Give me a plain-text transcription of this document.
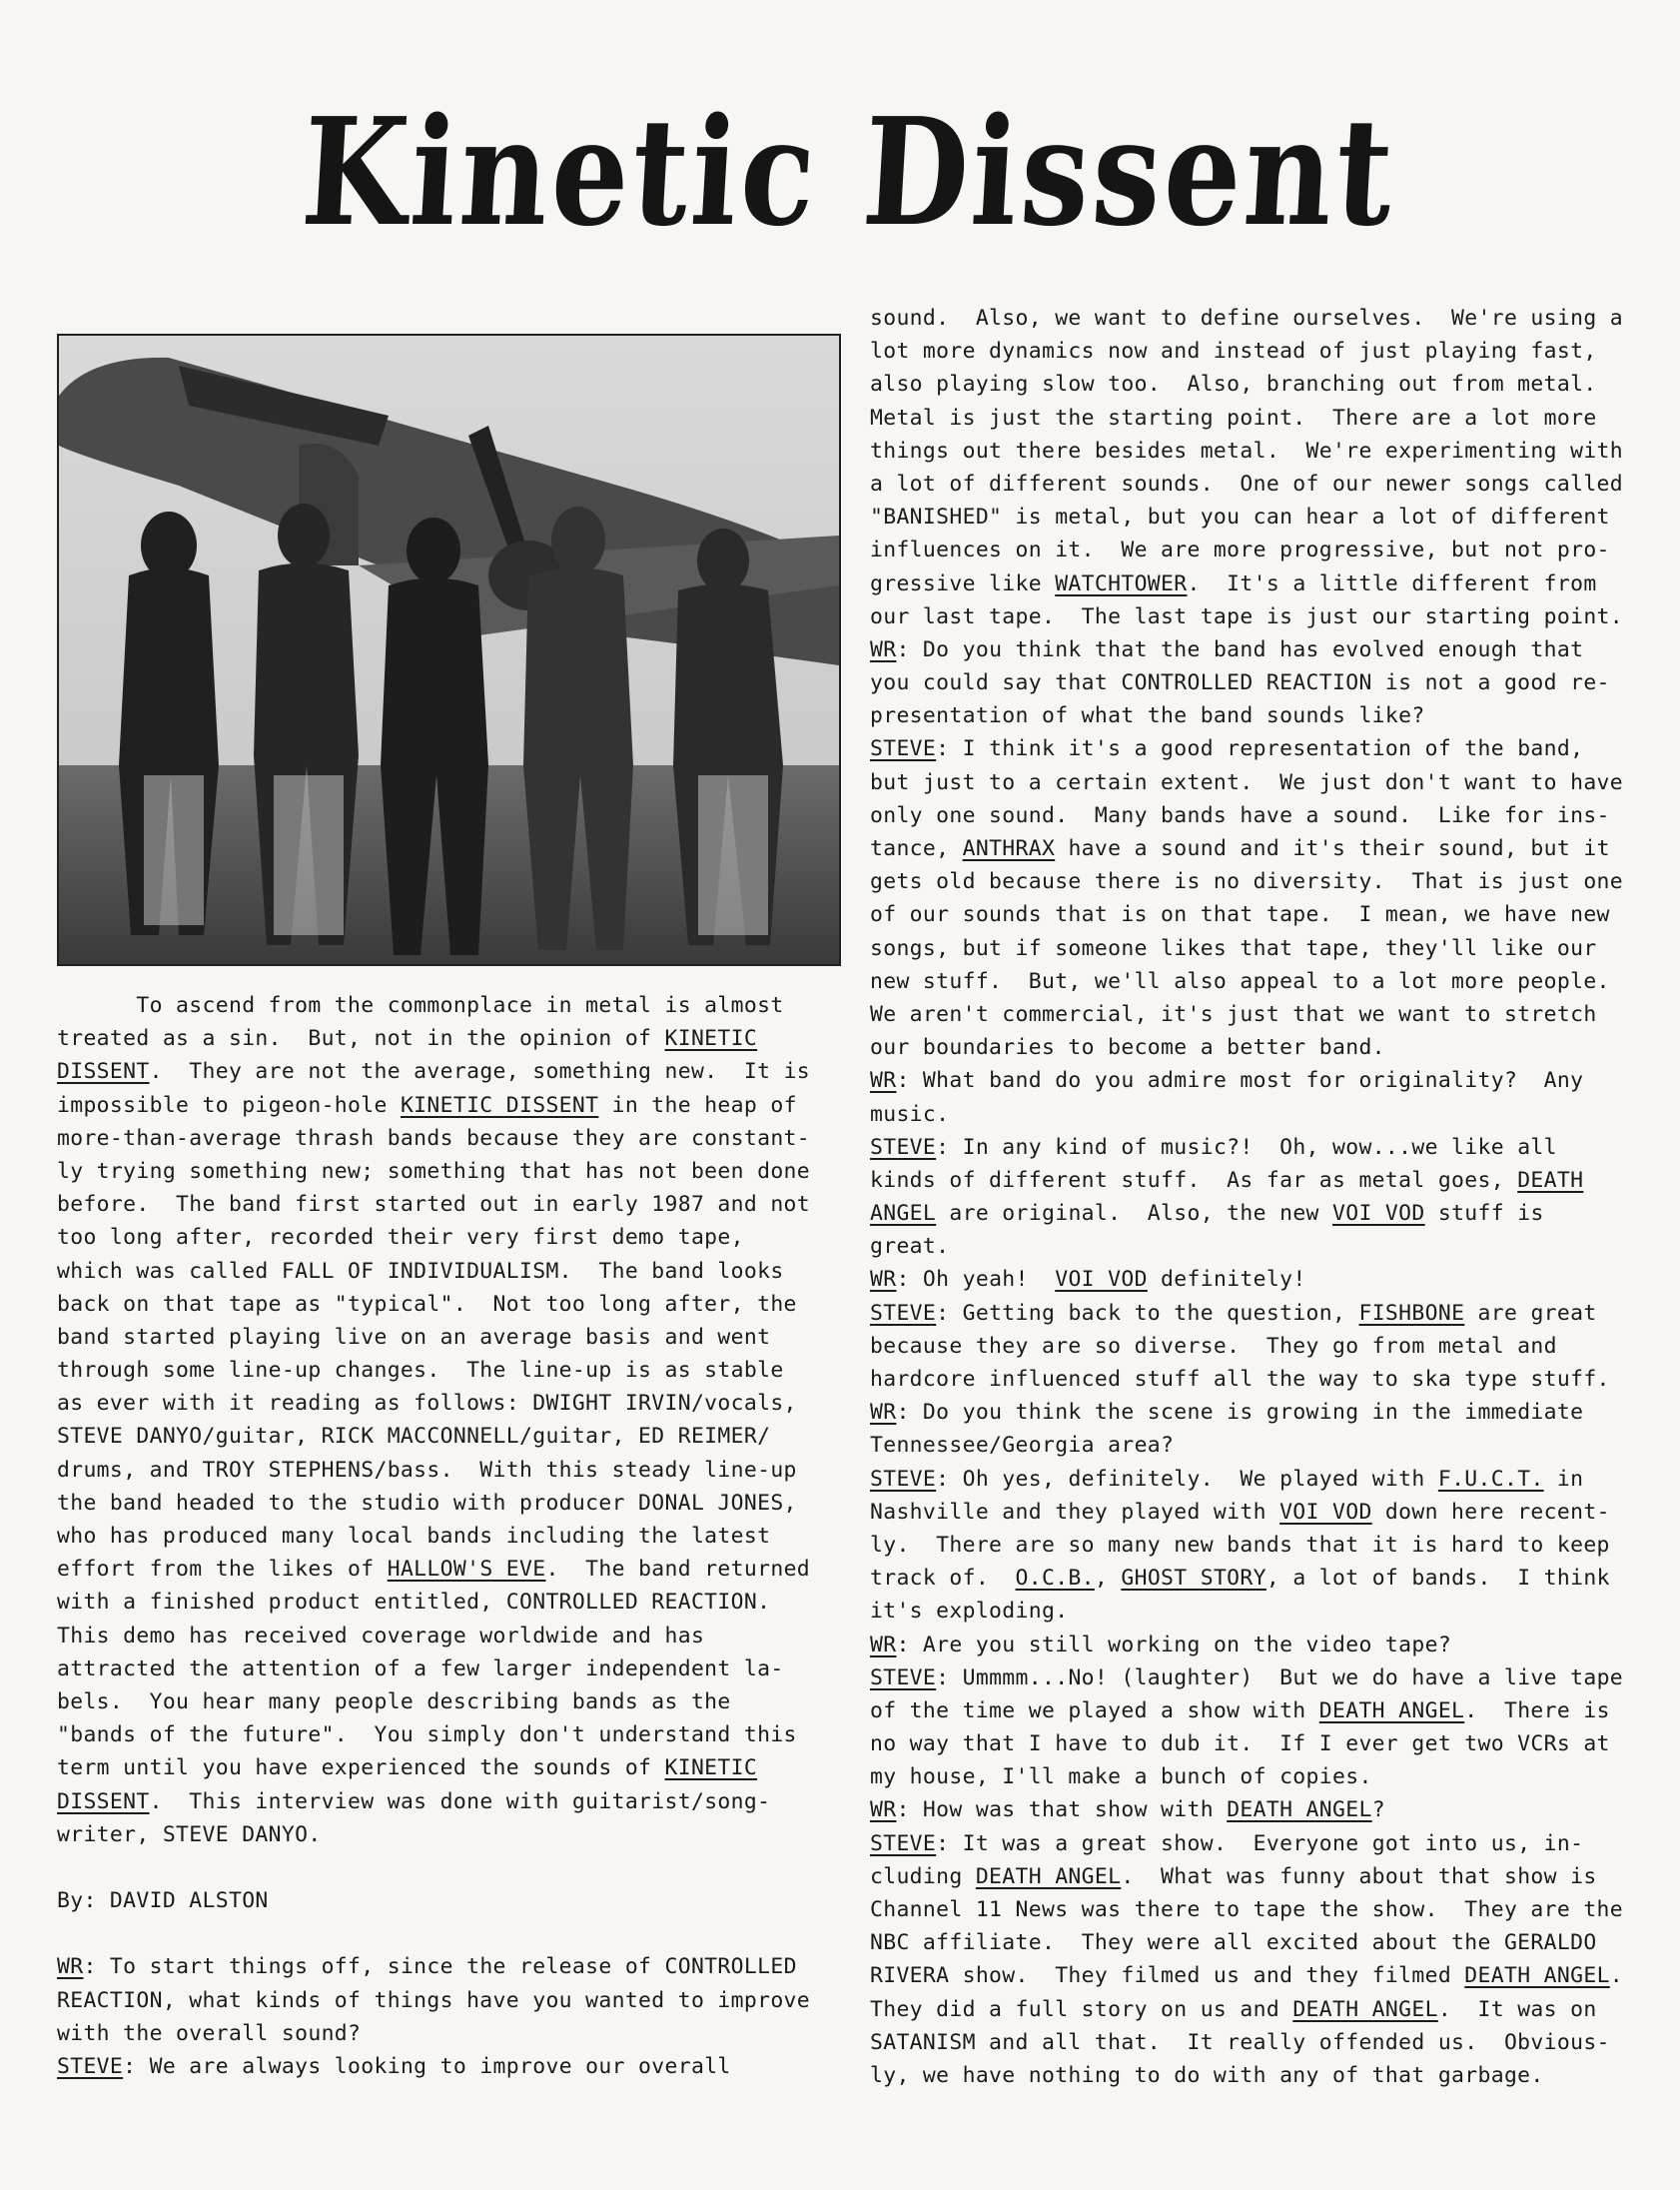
Kinetic Dissent
To ascend from the commonplace in metal is almost
treated as a sin.  But, not in the opinion of KINETIC
DISSENT.  They are not the average, something new.  It is
impossible to pigeon-hole KINETIC DISSENT in the heap of
more-than-average thrash bands because they are constant-
ly trying something new; something that has not been done
before.  The band first started out in early 1987 and not
too long after, recorded their very first demo tape,
which was called FALL OF INDIVIDUALISM.  The band looks
back on that tape as "typical".  Not too long after, the
band started playing live on an average basis and went
through some line-up changes.  The line-up is as stable
as ever with it reading as follows: DWIGHT IRVIN/vocals,
STEVE DANYO/guitar, RICK MACCONNELL/guitar, ED REIMER/
drums, and TROY STEPHENS/bass.  With this steady line-up
the band headed to the studio with producer DONAL JONES,
who has produced many local bands including the latest
effort from the likes of HALLOW'S EVE.  The band returned
with a finished product entitled, CONTROLLED REACTION.
This demo has received coverage worldwide and has
attracted the attention of a few larger independent la-
bels.  You hear many people describing bands as the
"bands of the future".  You simply don't understand this
term until you have experienced the sounds of KINETIC
DISSENT.  This interview was done with guitarist/song-
writer, STEVE DANYO.
By: DAVID ALSTON
WR: To start things off, since the release of CONTROLLED
REACTION, what kinds of things have you wanted to improve
with the overall sound?
STEVE: We are always looking to improve our overall
sound.  Also, we want to define ourselves.  We're using a
lot more dynamics now and instead of just playing fast,
also playing slow too.  Also, branching out from metal.
Metal is just the starting point.  There are a lot more
things out there besides metal.  We're experimenting with
a lot of different sounds.  One of our newer songs called
"BANISHED" is metal, but you can hear a lot of different
influences on it.  We are more progressive, but not pro-
gressive like WATCHTOWER.  It's a little different from
our last tape.  The last tape is just our starting point.
WR: Do you think that the band has evolved enough that
you could say that CONTROLLED REACTION is not a good re-
presentation of what the band sounds like?
STEVE: I think it's a good representation of the band,
but just to a certain extent.  We just don't want to have
only one sound.  Many bands have a sound.  Like for ins-
tance, ANTHRAX have a sound and it's their sound, but it
gets old because there is no diversity.  That is just one
of our sounds that is on that tape.  I mean, we have new
songs, but if someone likes that tape, they'll like our
new stuff.  But, we'll also appeal to a lot more people.
We aren't commercial, it's just that we want to stretch
our boundaries to become a better band.
WR: What band do you admire most for originality?  Any
music.
STEVE: In any kind of music?!  Oh, wow...we like all
kinds of different stuff.  As far as metal goes, DEATH
ANGEL are original.  Also, the new VOI VOD stuff is
great.
WR: Oh yeah!  VOI VOD definitely!
STEVE: Getting back to the question, FISHBONE are great
because they are so diverse.  They go from metal and
hardcore influenced stuff all the way to ska type stuff.
WR: Do you think the scene is growing in the immediate
Tennessee/Georgia area?
STEVE: Oh yes, definitely.  We played with F.U.C.T. in
Nashville and they played with VOI VOD down here recent-
ly.  There are so many new bands that it is hard to keep
track of.  O.C.B., GHOST STORY, a lot of bands.  I think
it's exploding.
WR: Are you still working on the video tape?
STEVE: Ummmm...No! (laughter)  But we do have a live tape
of the time we played a show with DEATH ANGEL.  There is
no way that I have to dub it.  If I ever get two VCRs at
my house, I'll make a bunch of copies.
WR: How was that show with DEATH ANGEL?
STEVE: It was a great show.  Everyone got into us, in-
cluding DEATH ANGEL.  What was funny about that show is
Channel 11 News was there to tape the show.  They are the
NBC affiliate.  They were all excited about the GERALDO
RIVERA show.  They filmed us and they filmed DEATH ANGEL.
They did a full story on us and DEATH ANGEL.  It was on
SATANISM and all that.  It really offended us.  Obvious-
ly, we have nothing to do with any of that garbage.
